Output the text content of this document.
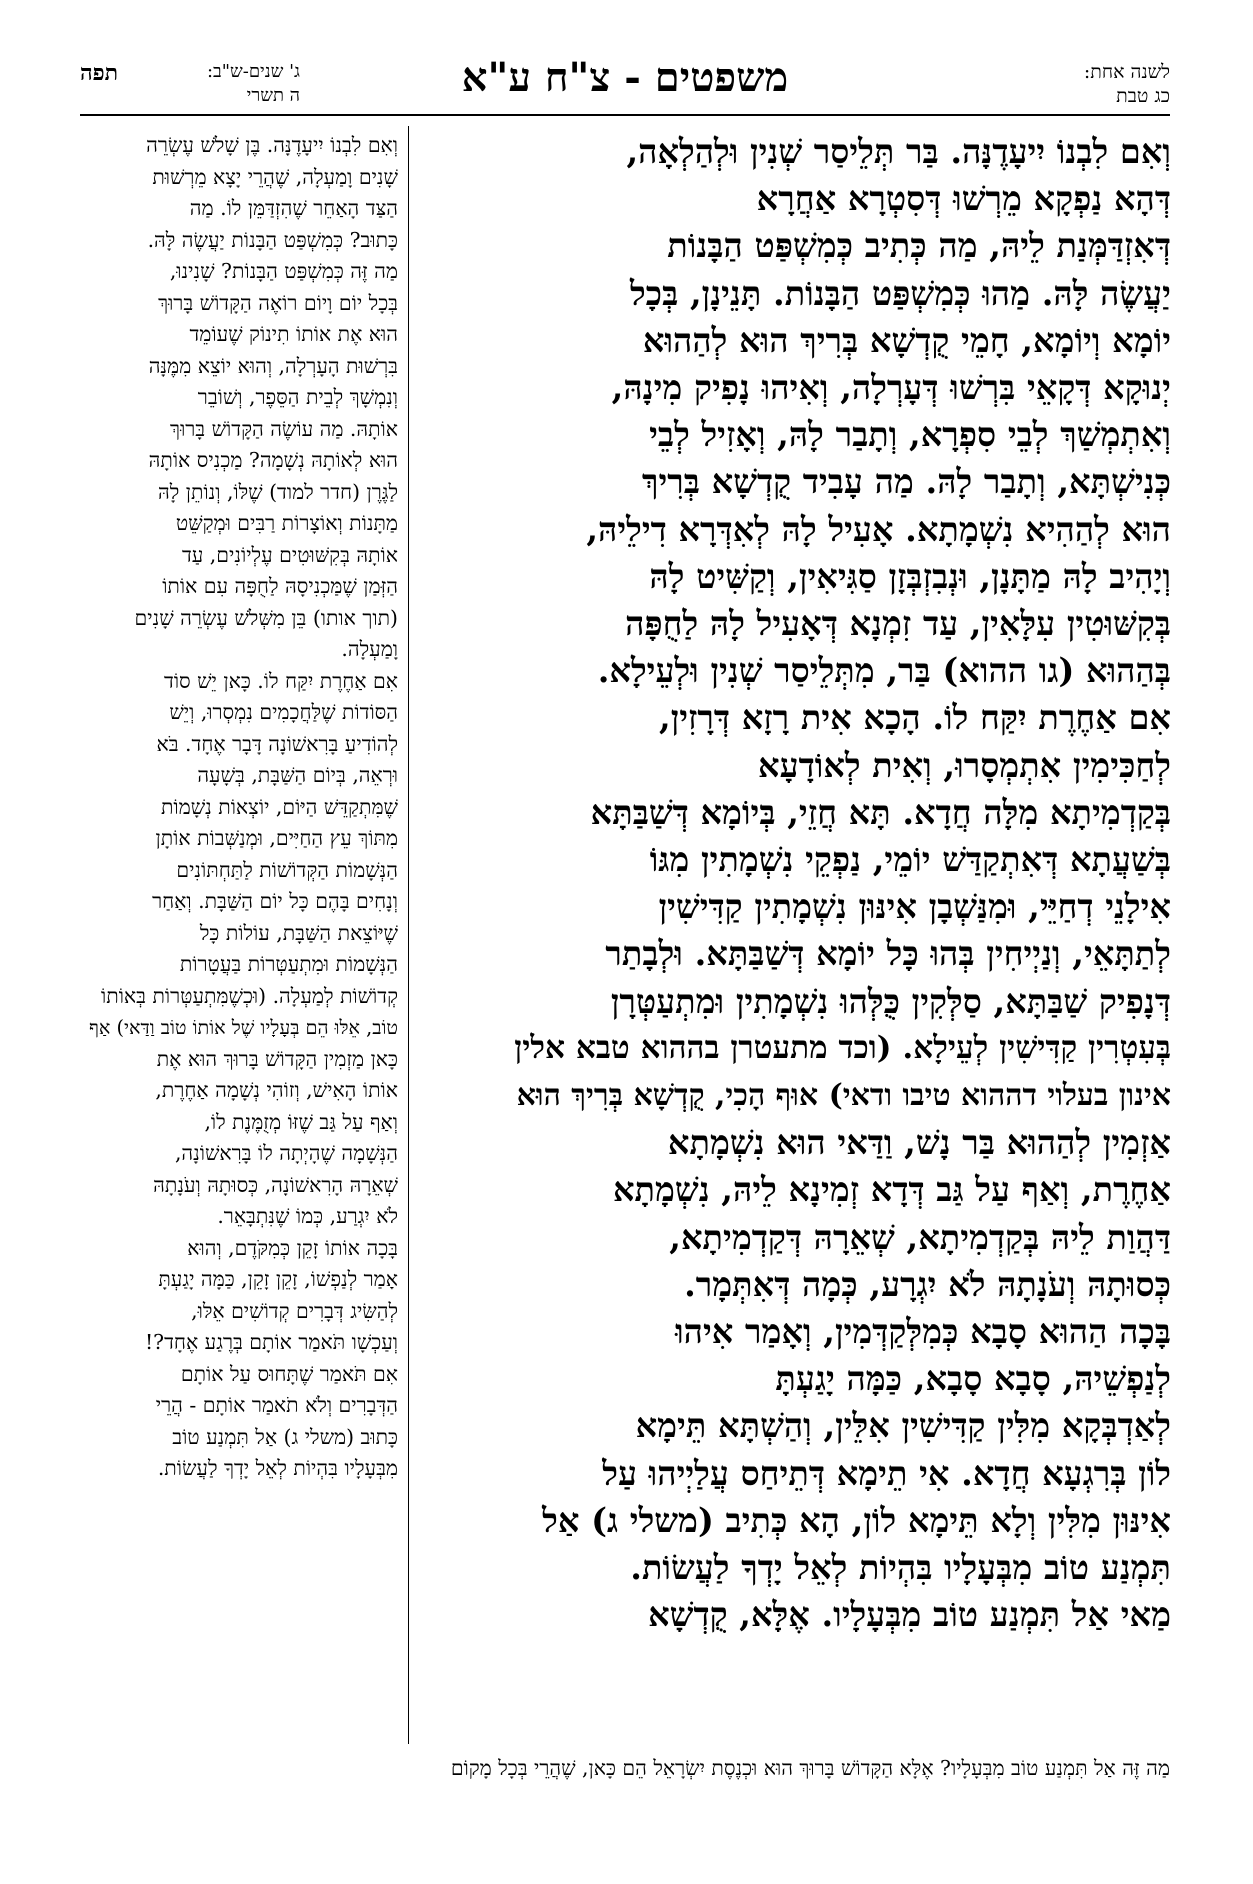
לשנה אחת:
כג טבת
משפטים - צ"ח ע"א
תפה	ג' שנים-ש"ב:
ה תשרי
וְאִם לִבְנוֹ יִיעָדֶנָּה. בַּר תְּלֵיסַר שְׁנִין וּלְהַלְאָה,
דְּהָא נַפְקָא מֵרְשׁוּ דְּסִטְרָא אַחֲרָא
דְּאִזְדַּמְּנַת לֵיהּ, מַה כְּתִיב כְּמִשְׁפַּט הַבָּנוֹת
יַעֲשֶׂה לָּהּ. מַהוּ כְּמִשְׁפַּט הַבָּנוֹת. תָּנֵינָן, בְּכָל
יוֹמָא וְיוֹמָא, חָמֵי קֻדְשָׁא בְּרִיךְ הוּא לְהַהוּא
יְנוּקָא דְּקָאֵי בִּרְשׁוּ דְּעָרְלָה, וְאִיהוּ נָפִיק מִינָהּ,
וְאִתְמְשַׁךְ לְבֵי סִפְרָא, וְתָבַר לָהּ, וְאָזִיל לְבֵי
כְּנִישְׁתָּא, וְתָבַר לָהּ. מַה עָבִיד קֻדְשָׁא בְּרִיךְ
הוּא לְהַהִיא נִשְׁמָתָא. אָעִיל לָהּ לְאִדְּרָא דִילֵיהּ,
וְיָהִיב לָהּ מַתָּנָן, וּנְבִזְבְּזָן סַגִּיאִין, וְקַשִּׁיט לָהּ
בְּקִשּׁוּטִין עִלָּאִין, עַד זִמְנָא דְּאָעִיל לָהּ לַחֻפָּה
בְּהַהוּא (גו ההוא) בַּר, מִתְּלֵיסַר שְׁנִין וּלְעֵילָא.
אִם אַחֶרֶת יִקַּח לוֹ. הָכָא אִית רָזָא דְּרָזִין,
לְחַכִּימִין אִתְמְסָרוּ, וְאִית לְאוֹדָעָא
בְּקַדְמִיתָא מִלָּה חֲדָא. תָּא חֲזֵי, בְּיוֹמָא דְּשַׁבַּתָּא
בְּשַׁעֲתָא דְּאִתְקַדַּשׁ יוֹמֵי, נַפְקֵי נִשְׁמָתִין מִגּוֹ
אִילָנֵי דְחַיֵּי, וּמִנַּשְׁבָן אִינּוּן נִשְׁמָתִין קַדִּישִׁין
לְתַתָּאֵי, וְנַיְיחִין בְּהוּ כָּל יוֹמָא דְּשַׁבַּתָּא. וּלְבָתַר
דְּנָפִיק שַׁבַּתָּא, סַלְּקִין כֻּלְּהוּ נִשְׁמָתִין וּמִתְעַטְּרָן
בְּעִטְרִין קַדִּישִׁין לְעֵילָא. (וכד מתעטרן בההוא טבא אלין
אינון בעלוי דההוא טיבו ודאי) אוּף הָכִי, קֻדְשָׁא בְּרִיךְ הוּא
אַזְמִין לְהַהוּא בַּר נָשׁ, וַדַּאי הוּא נִשְׁמָתָא
אַחֶרֶת, וְאַף עַל גַּב דְּדָא זְמִינָא לֵיהּ, נִשְׁמָתָא
דַּהֲוַת לֵיהּ בְּקַדְמִיתָא, שְׁאֵרָהּ דְּקַדְמִיתָא,
כְּסוּתָהּ וְעֹנָתָהּ לֹא יִגְרָע, כְּמָה דְּאִתְּמָר.
בָּכָה הַהוּא סָבָא כְּמִלְּקַדְּמִין, וְאָמַר אִיהוּ
לְנַפְשֵׁיהּ, סָבָא סָבָא, כַּמָּה יָגַעְתָּ
לְאַדְבְּקָא מִלִּין קַדִּישִׁין אִלֵּין, וְהַשְׁתָּא תֵּימָא
לוֹן בְּרִגְעָא חֲדָא. אִי תֵימָא דְּתֵיחַס עֲלַיְיהוּ עַל
אִינּוּן מִלִּין וְלָא תֵּימָא לוֹן, הָא כְּתִיב (משלי ג) אַל
תִּמְנַע טוֹב מִבְּעָלָיו בִּהְיוֹת לְאֵל יָדְךָ לַעֲשׂוֹת.
מַאי אַל תִּמְנַע טוֹב מִבְּעָלָיו. אֶלָּא, קֻדְשָׁא
וְאִם לִבְנוֹ יִיעָדֶנָּה. בֶּן שָׁלֹשׁ עֶשְׂרֵה
שָׁנִים וָמַעְלָה, שֶׁהֲרֵי יָצָא מֵרְשׁוּת
הַצַּד הָאַחֵר שֶׁהִזְדַּמֵּן לוֹ. מַה
כָּתוּב? כְּמִשְׁפַּט הַבָּנוֹת יַעֲשֶׂה לָּהּ.
מַה זֶּה כְּמִשְׁפַּט הַבָּנוֹת? שָׁנִינוּ,
בְּכָל יוֹם וָיוֹם רוֹאֶה הַקָּדוֹשׁ בָּרוּךְ
הוּא אֶת אוֹתוֹ תִינוֹק שֶׁעוֹמֵד
בִּרְשׁוּת הָעָרְלָה, וְהוּא יוֹצֵא מִמֶּנָּה
וְנִמְשָׁךְ לְבֵית הַסֵּפֶר, וְשׁוֹבֵר
אוֹתָהּ. מַה עוֹשֶׂה הַקָּדוֹשׁ בָּרוּךְ
הוּא לְאוֹתָהּ נְשָׁמָה? מַכְנִיס אוֹתָהּ
לַגֶּרֶן (חדר למוד) שֶׁלּוֹ, וְנוֹתֵן לָהּ
מַתָּנוֹת וְאוֹצָרוֹת רַבִּים וּמְקַשֵּׁט
אוֹתָהּ בְּקִשּׁוּטִים עֶלְיוֹנִים, עַד
הַזְּמַן שֶׁמַּכְנִיסָהּ לַחֻפָּה עִם אוֹתוֹ
(תוך אותו) בֵּן מִשְּׁלֹשׁ עֶשְׂרֵה שָׁנִים
וָמַעְלָה.
אִם אַחֶרֶת יִקַּח לוֹ. כָּאן יֵשׁ סוֹד
הַסּוֹדוֹת שֶׁלַּחֲכָמִים נִמְסְרוּ, וְיֵשׁ
לְהוֹדִיעַ בָּרִאשׁוֹנָה דָּבָר אֶחָד. בֹּא
וּרְאֵה, בְּיוֹם הַשַּׁבָּת, בְּשָׁעָה
שֶׁמִּתְקַדֵּשׁ הַיּוֹם, יוֹצְאוֹת נְשָׁמוֹת
מִתּוֹךְ עֵץ הַחַיִּים, וּמְנַשְּׁבוֹת אוֹתָן
הַנְּשָׁמוֹת הַקְּדוֹשׁוֹת לַתַּחְתּוֹנִים
וְנָחִים בָּהֶם כָּל יוֹם הַשַּׁבָּת. וְאַחַר
שֶׁיּוֹצֵאת הַשַּׁבָּת, עוֹלוֹת כָּל
הַנְּשָׁמוֹת וּמִתְעַטְּרוֹת בַּעֲטָרוֹת
קְדוֹשׁוֹת לְמַעְלָה. (וּכְשֶׁמִּתְעַטְּרוֹת בְּאוֹתוֹ
טוֹב, אֵלּוּ הֵם בְּעָלָיו שֶׁל אוֹתוֹ טוֹב וַדַּאי) אַף
כָּאן מַזְמִין הַקָּדוֹשׁ בָּרוּךְ הוּא אֶת
אוֹתוֹ הָאִישׁ, וְזוֹהִי נְשָׁמָה אַחֶרֶת,
וְאַף עַל גַּב שֶׁזּוֹ מְזֻמֶּנֶת לוֹ,
הַנְּשָׁמָה שֶׁהָיְתָה לוֹ בָּרִאשׁוֹנָה,
שְׁאֵרָהּ הָרִאשׁוֹנָה, כְּסוּתָהּ וְעֹנָתָהּ
לֹא יִגְרַע, כְּמוֹ שֶׁנִּתְבָּאֵר.
בָּכָה אוֹתוֹ זָקֵן כְּמִקֹּדֶם, וְהוּא
אָמַר לְנַפְשׁוֹ, זָקֵן זָקֵן, כַּמָּה יָגַעְתָּ
לְהַשִּׂיג דְּבָרִים קְדוֹשִׁים אֵלּוּ,
וְעַכְשָׁו תֹּאמַר אוֹתָם בְּרֶגַע אֶחָד?!
אִם תֹּאמַר שֶׁתָּחוּס עַל אוֹתָם
הַדְּבָרִים וְלֹא תֹאמַר אוֹתָם - הֲרֵי
כָּתוּב (משלי ג) אַל תִּמְנַע טוֹב
מִבְּעָלָיו בִּהְיוֹת לְאֵל יָדְךָ לַעֲשׂוֹת.
מַה זֶּה אַל תִּמְנַע טוֹב מִבְּעָלָיו? אֶלָּא הַקָּדוֹשׁ בָּרוּךְ הוּא וּכְנֶסֶת יִשְׂרָאֵל הֵם כָּאן, שֶׁהֲרֵי בְּכָל מָקוֹם
